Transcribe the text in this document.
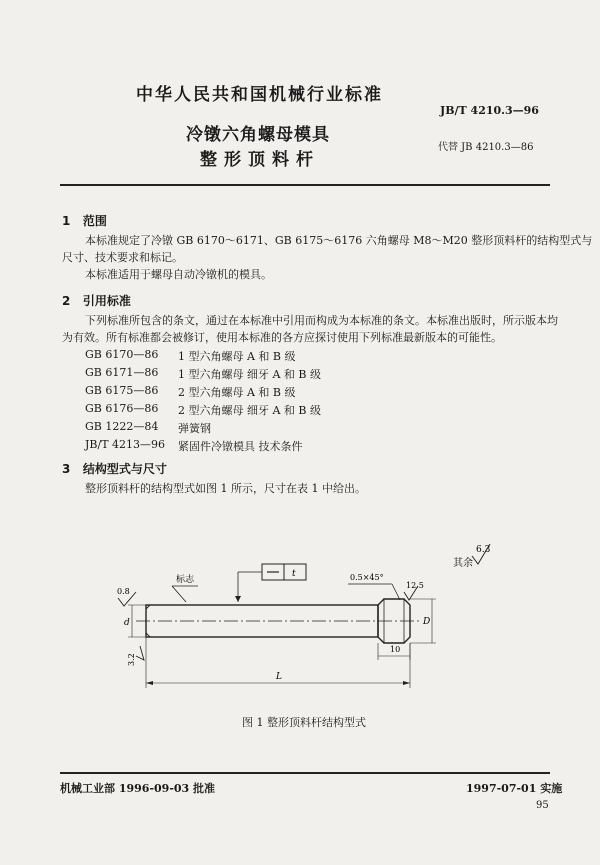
中华人民共和国机械行业标准
JB/T 4210.3—96
冷镦六角螺母模具
整形顶料杆
代替 JB 4210.3—86
1 范围
本标准规定了冷镦 GB 6170～6171、GB 6175～6176 六角螺母 M8～M20 整形顶料杆的结构型式与
尺寸、技术要求和标记。
本标准适用于螺母自动冷镦机的模具。
2 引用标准
下列标准所包含的条文，通过在本标准中引用而构成为本标准的条文。本标准出版时，所示版本均
为有效。所有标准都会被修订，使用本标准的各方应探讨使用下列标准最新版本的可能性。
GB 6170—86 1 型六角螺母 A 和 B 级
GB 6171—86 1 型六角螺母 细牙 A 和 B 级
GB 6175—86 2 型六角螺母 A 和 B 级
GB 6176—86 2 型六角螺母 细牙 A 和 B 级
GB 1222—84 弹簧钢
JB/T 4213—96 紧固件冷镦模具 技术条件
3 结构型式与尺寸
整形顶料杆的结构型式如图 1 所示，尺寸在表 1 中给出。
6.3
其余
t
标志	0.5×45°
12.5
0.8
d	D
10
L
3.2
图 1 整形顶料杆结构型式
机械工业部 1996-09-03 批准	1997-07-01 实施
95
